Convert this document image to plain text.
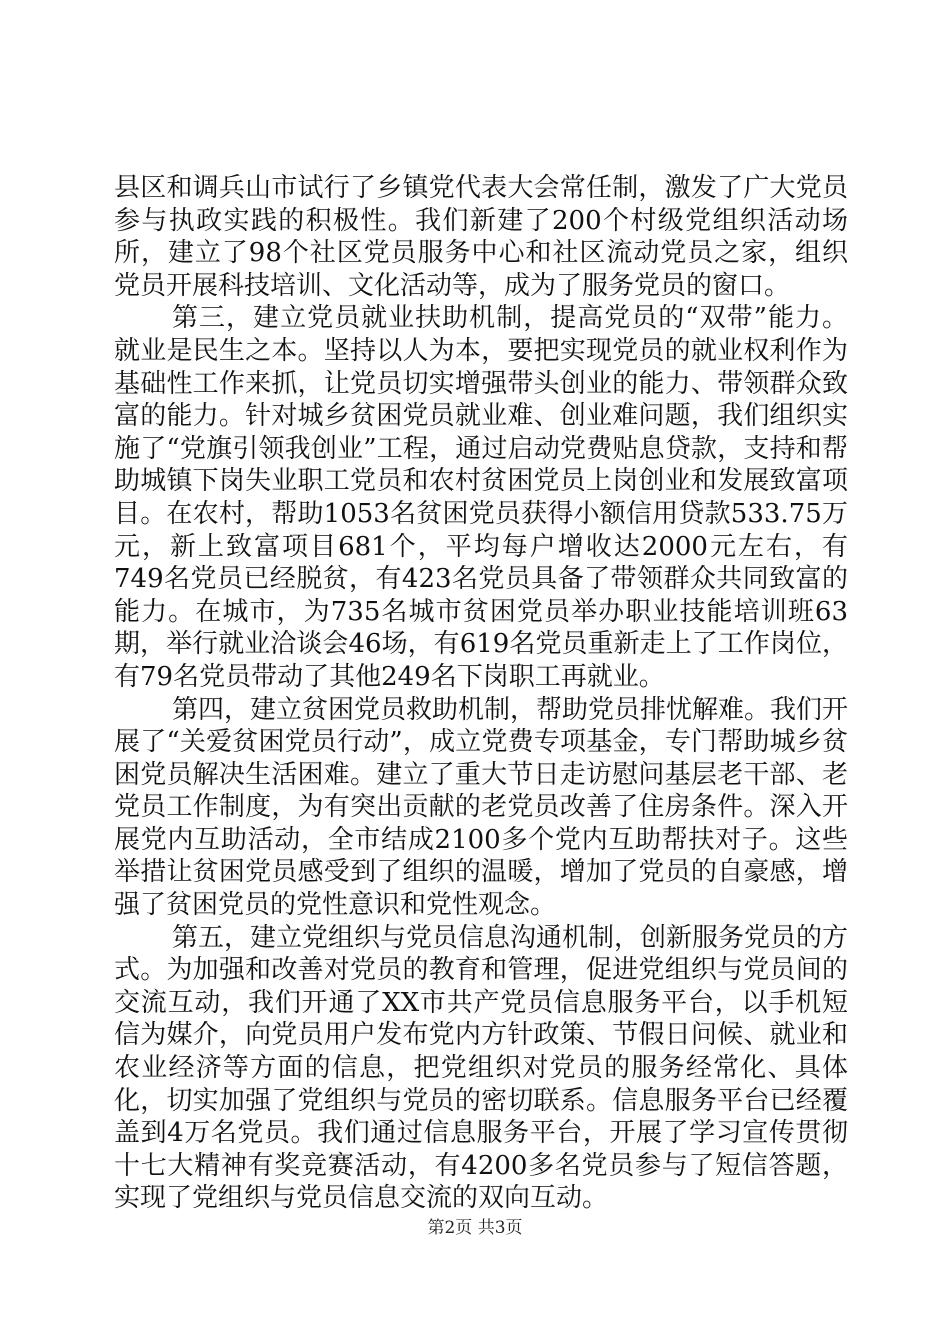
县区和调兵山市试行了乡镇党代表大会常任制，激发了广大党员参与执政实践的积极性。我们新建了200个村级党组织活动场所，建立了98个社区党员服务中心和社区流动党员之家，组织党员开展科技培训、文化活动等，成为了服务党员的窗口。

第三，建立党员就业扶助机制，提高党员的“双带”能力。就业是民生之本。坚持以人为本，要把实现党员的就业权利作为基础性工作来抓，让党员切实增强带头创业的能力、带领群众致富的能力。针对城乡贫困党员就业难、创业难问题，我们组织实施了“党旗引领我创业”工程，通过启动党费贴息贷款，支持和帮助城镇下岗失业职工党员和农村贫困党员上岗创业和发展致富项目。在农村，帮助1053名贫困党员获得小额信用贷款533.75万元，新上致富项目681个，平均每户增收达2000元左右，有749名党员已经脱贫，有423名党员具备了带领群众共同致富的能力。在城市，为735名城市贫困党员举办职业技能培训班63期，举行就业洽谈会46场，有619名党员重新走上了工作岗位，有79名党员带动了其他249名下岗职工再就业。

第四，建立贫困党员救助机制，帮助党员排忧解难。我们开展了“关爱贫困党员行动”，成立党费专项基金，专门帮助城乡贫困党员解决生活困难。建立了重大节日走访慰问基层老干部、老党员工作制度，为有突出贡献的老党员改善了住房条件。深入开展党内互助活动，全市结成2100多个党内互助帮扶对子。这些举措让贫困党员感受到了组织的温暖，增加了党员的自豪感，增强了贫困党员的党性意识和党性观念。

第五，建立党组织与党员信息沟通机制，创新服务党员的方式。为加强和改善对党员的教育和管理，促进党组织与党员间的交流互动，我们开通了XX市共产党员信息服务平台，以手机短信为媒介，向党员用户发布党内方针政策、节假日问候、就业和农业经济等方面的信息，把党组织对党员的服务经常化、具体化，切实加强了党组织与党员的密切联系。信息服务平台已经覆盖到4万名党员。我们通过信息服务平台，开展了学习宣传贯彻十七大精神有奖竞赛活动，有4200多名党员参与了短信答题，实现了党组织与党员信息交流的双向互动。

第2页 共3页
